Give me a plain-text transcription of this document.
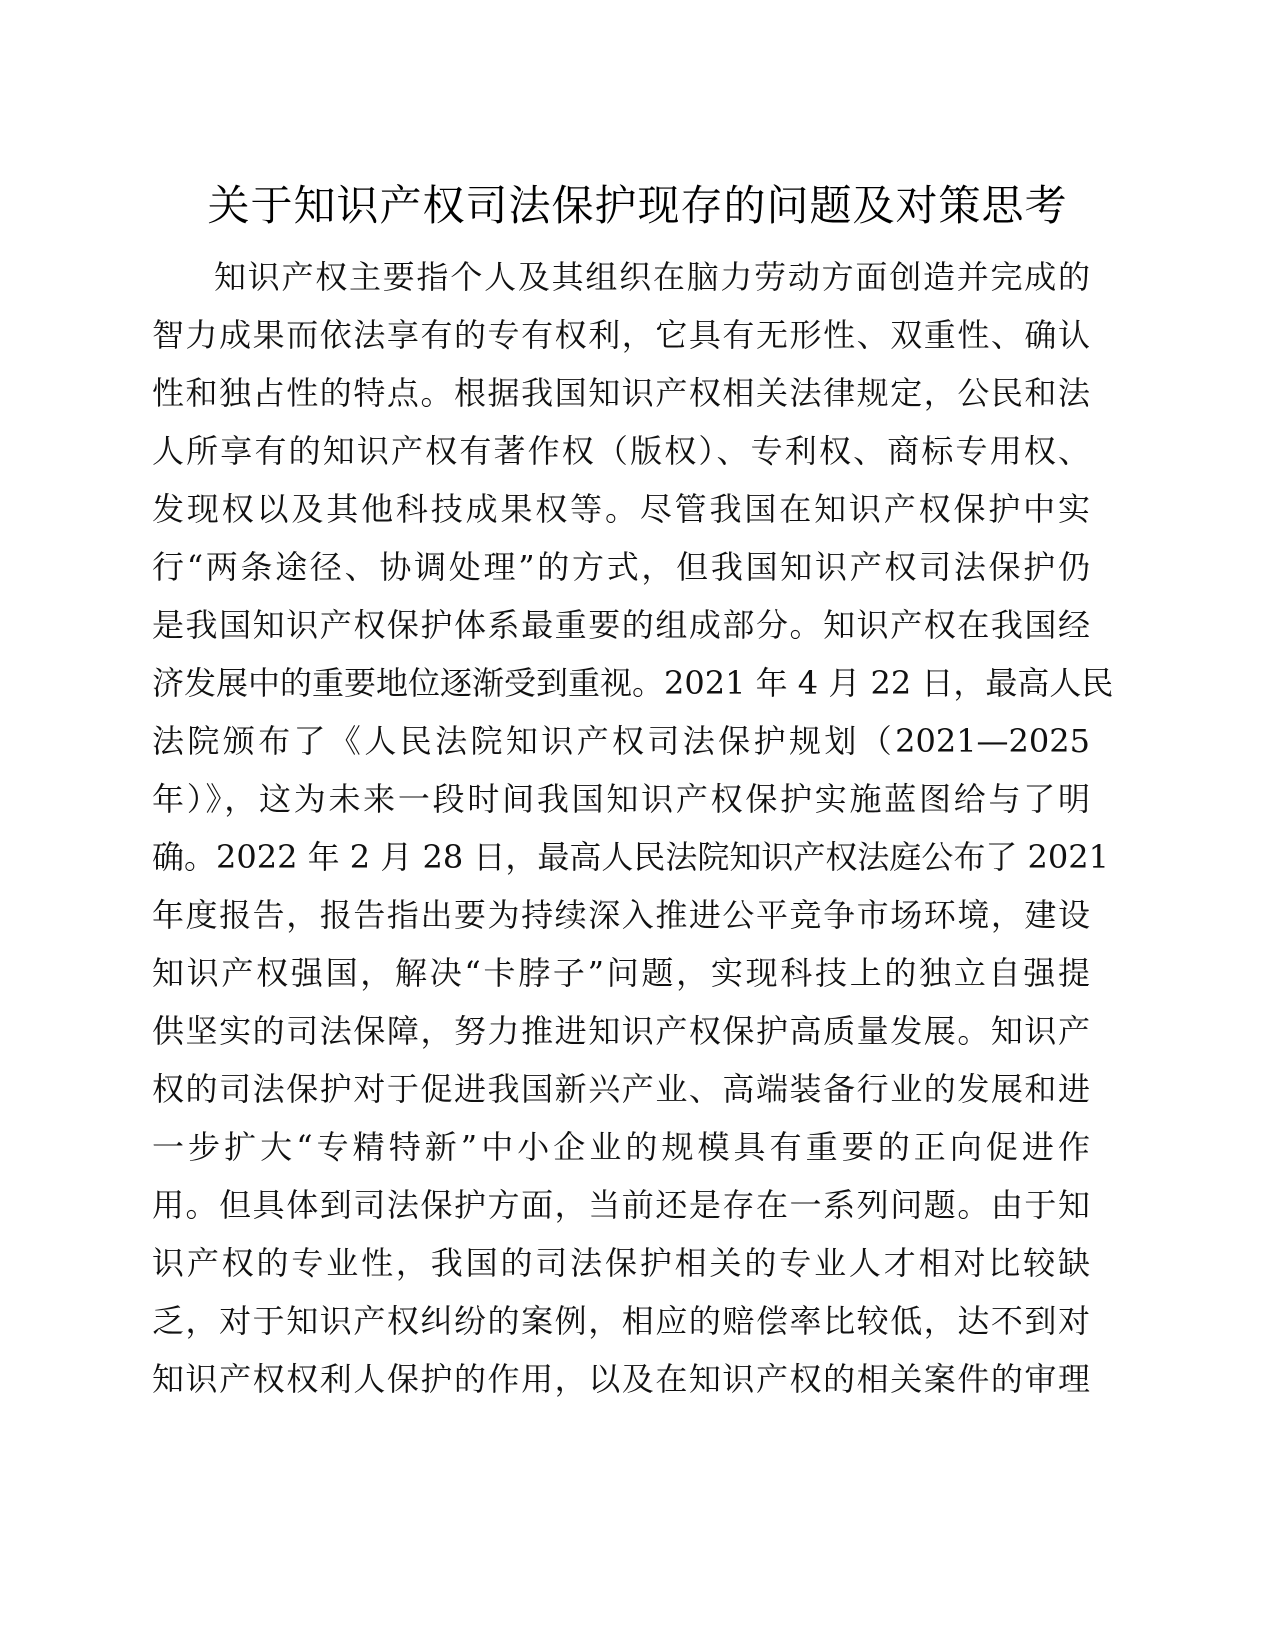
关于知识产权司法保护现存的问题及对策思考
知识产权主要指个人及其组织在脑力劳动方面创造并完成的
智力成果而依法享有的专有权利，它具有无形性、双重性、确认
性和独占性的特点。根据我国知识产权相关法律规定，公民和法
人所享有的知识产权有著作权（版权）、专利权、商标专用权、
发现权以及其他科技成果权等。尽管我国在知识产权保护中实
行“两条途径、协调处理”的方式，但我国知识产权司法保护仍
是我国知识产权保护体系最重要的组成部分。知识产权在我国经
济发展中的重要地位逐渐受到重视。2021 年 4 月 22 日，最高人民
法院颁布了《人民法院知识产权司法保护规划（2021—2025
年）》，这为未来一段时间我国知识产权保护实施蓝图给与了明
确。2022 年 2 月 28 日，最高人民法院知识产权法庭公布了 2021
年度报告，报告指出要为持续深入推进公平竞争市场环境，建设
知识产权强国，解决“卡脖子”问题，实现科技上的独立自强提
供坚实的司法保障，努力推进知识产权保护高质量发展。知识产
权的司法保护对于促进我国新兴产业、高端装备行业的发展和进
一步扩大“专精特新”中小企业的规模具有重要的正向促进作
用。但具体到司法保护方面，当前还是存在一系列问题。由于知
识产权的专业性，我国的司法保护相关的专业人才相对比较缺
乏，对于知识产权纠纷的案例，相应的赔偿率比较低，达不到对
知识产权权利人保护的作用，以及在知识产权的相关案件的审理
